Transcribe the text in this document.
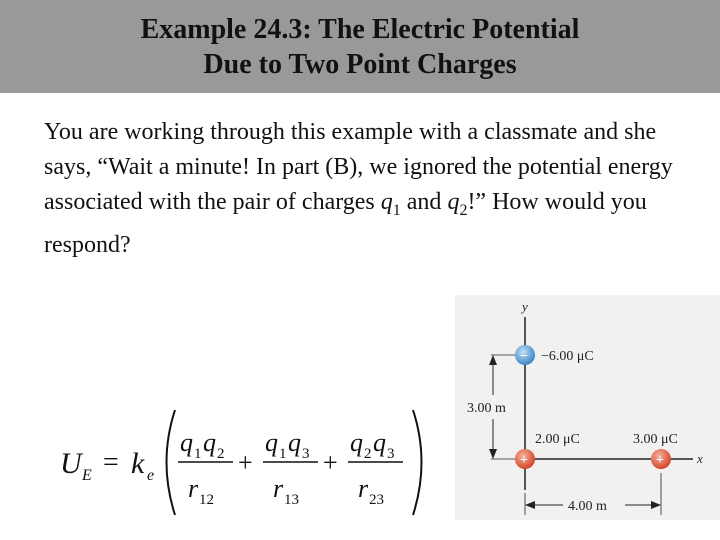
Example 24.3: The Electric Potential
Due to Two Point Charges
You are working through this example with a classmate and she says, “Wait a minute! In part (B), we ignored the potential energy associated with the pair of charges $q_1$ and $q_2$!” How would you respond?
U E = k e
q 1 q 2
r 12
+
q 1 q 3
r 13
+
q 2 q 3
r 23
y
x
3.00 m
4.00 m
− −6.00 μC
+
2.00 μC
+
3.00 μC
